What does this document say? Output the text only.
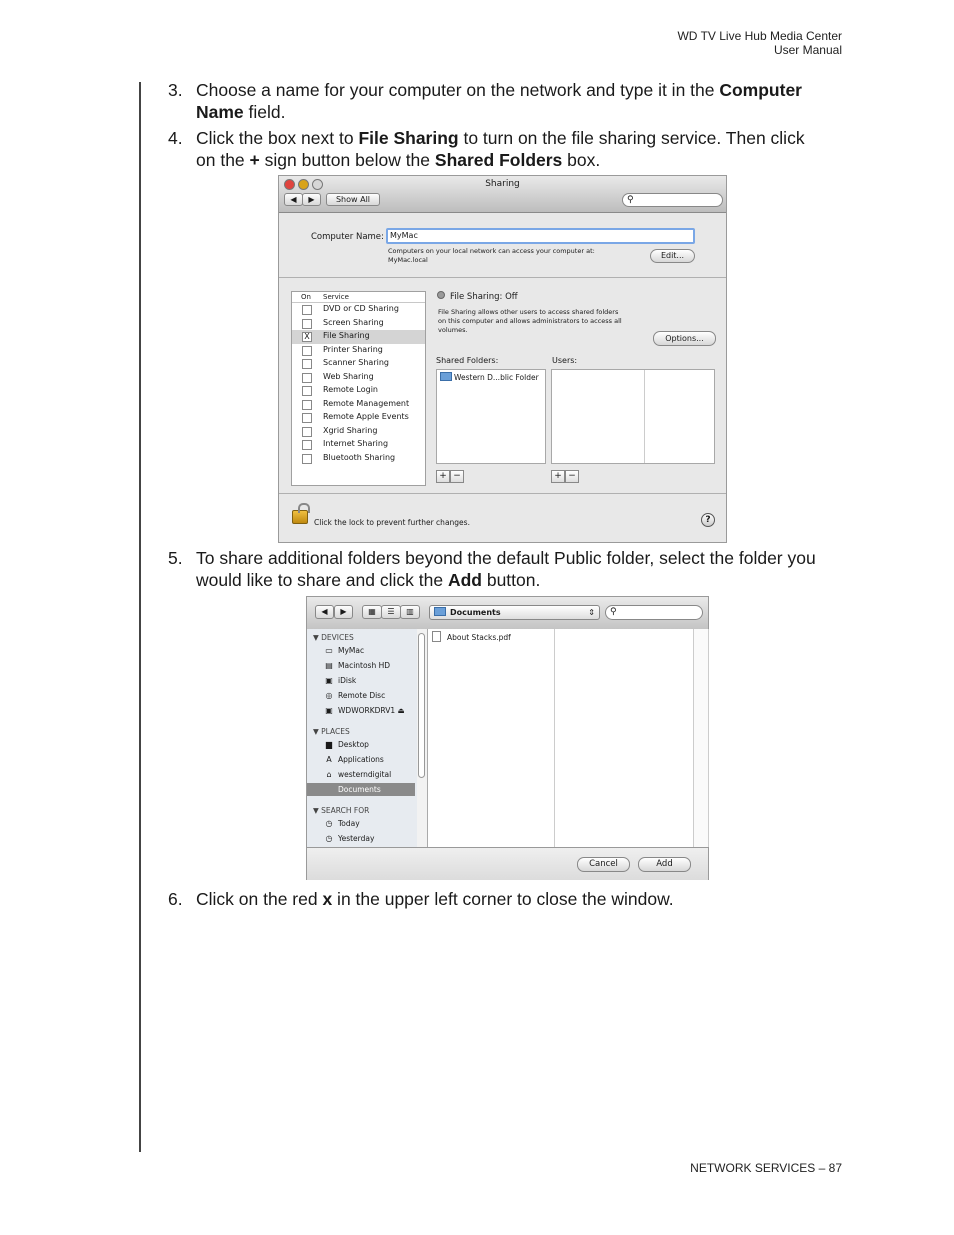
WD TV Live Hub Media Center
User Manual
3. Choose a name for your computer on the network and type it in the Computer
Name field.
4. Click the box next to File Sharing to turn on the file sharing service. Then click
on the + sign button below the Shared Folders box.
Sharing
◀	▶	Show All	⚲
Computer Name: MyMac
Computers on your local network can access your computer at:
MyMac.local	Edit...
On Service
DVD or CD Sharing
Screen Sharing
X File Sharing
Printer Sharing
Scanner Sharing
Web Sharing
Remote Login
Remote Management
Remote Apple Events
Xgrid Sharing
Internet Sharing
Bluetooth Sharing
File Sharing: Off
File Sharing allows other users to access shared folders
on this computer and allows administrators to access all
volumes.
Options...
Shared Folders:	Users:
Western D...blic Folder
+ −	+ −
Click the lock to prevent further changes.	?
5. To share additional folders beyond the default Public folder, select the folder you
would like to share and click the Add button.
◀	▶	▦	☰	▥	Documents	⇕ ⚲
▼ DEVICES
▭ MyMac
▤ Macintosh HD
▣ iDisk
◎ Remote Disc
▣ WDWORKDRV1 ⏏
▼ PLACES
▆ Desktop
A Applications
⌂ westerndigital
Documents
▼ SEARCH FOR
◷ Today
◷ Yesterday
About Stacks.pdf
Cancel	Add
6. Click on the red x in the upper left corner to close the window.
NETWORK SERVICES – 87
